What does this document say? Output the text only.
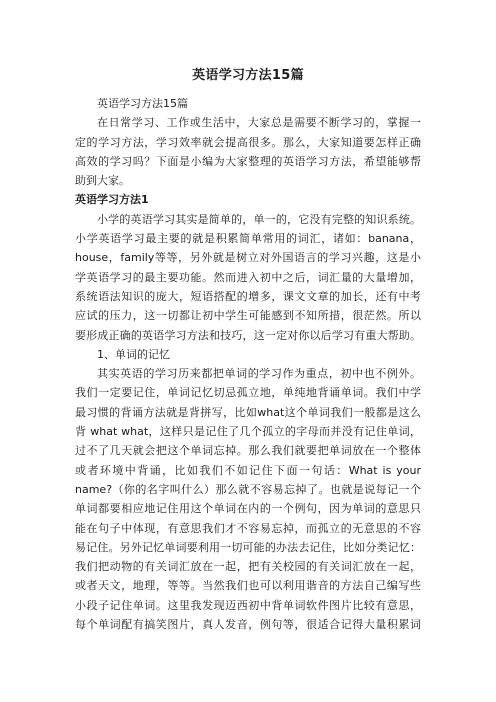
英语学习方法15篇
英语学习方法15篇
在日常学习、工作或生活中，大家总是需要不断学习的，掌握一
定的学习方法，学习效率就会提高很多。那么，大家知道要怎样正确
高效的学习吗？下面是小编为大家整理的英语学习方法，希望能够帮
助到大家。
英语学习方法1
小学的英语学习其实是简单的，单一的，它没有完整的知识系统。
小学英语学习最主要的就是积累简单常用的词汇，诸如：banana，
house，family等等，另外就是树立对外国语言的学习兴趣，这是小
学英语学习的最主要功能。然而进入初中之后，词汇量的大量增加，
系统语法知识的庞大，短语搭配的增多，课文文章的加长，还有中考
应试的压力，这一切都让初中学生可能感到不知所措，很茫然。所以
要形成正确的英语学习方法和技巧，这一定对你以后学习有重大帮助。
1、单词的记忆
其实英语的学习历来都把单词的学习作为重点，初中也不例外。
我们一定要记住，单词记忆切忌孤立地，单纯地背诵单词。我们中学
最习惯的背诵方法就是背拼写，比如what这个单词我们一般都是这么
背 what what，这样只是记住了几个孤立的字母而并没有记住单词，
过不了几天就会把这个单词忘掉。那么我们就要把单词放在一个整体
或者环境中背诵，比如我们不如记住下面一句话：What is your
name?（你的名字叫什么）那么就不容易忘掉了。也就是说每记一个
单词都要相应地记住用这个单词在内的一个例句，因为单词的意思只
能在句子中体现，有意思我们才不容易忘掉，而孤立的无意思的不容
易记住。另外记忆单词要利用一切可能的办法去记住，比如分类记忆：
我们把动物的有关词汇放在一起，把有关校园的有关词汇放在一起，
或者天文，地理，等等。当然我们也可以利用谐音的方法自己编写些
小段子记住单词。这里我发现迈西初中背单词软件图片比较有意思，
每个单词配有搞笑图片，真人发音，例句等，很适合记得大量积累词
